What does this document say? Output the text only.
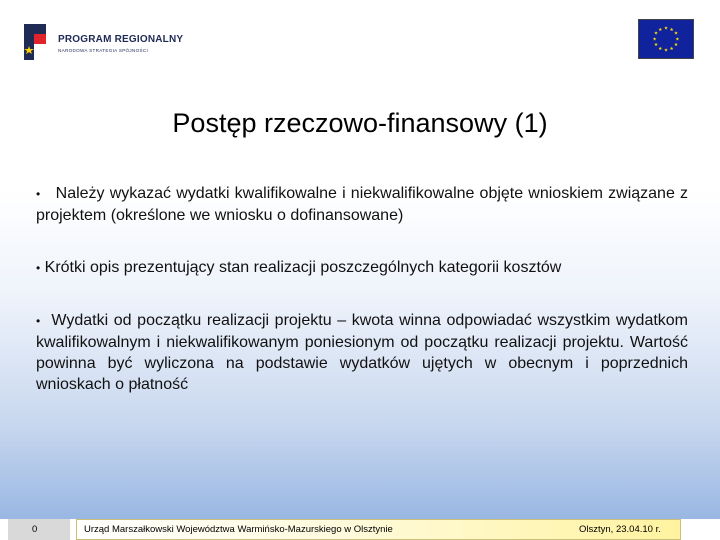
PROGRAM REGIONALNY
NARODOWA STRATEGIA SPÓJNOŚCI
★ ★
★
★
★
★
★
★
★
★
★
★
Postęp rzeczowo-finansowy (1)
• Należy wykazać wydatki kwalifikowalne i niekwalifikowalne objęte wnioskiem związane z projektem (określone we wniosku o dofinansowane)
• Krótki opis prezentujący stan realizacji poszczególnych kategorii kosztów
• Wydatki od początku realizacji projektu – kwota winna odpowiadać wszystkim wydatkom kwalifikowalnym i niekwalifikowanym poniesionym od początku realizacji projektu. Wartość powinna być wyliczona na podstawie wydatków ujętych w obecnym i poprzednich wnioskach o płatność
0	Urząd Marszałkowski Województwa Warmińsko-Mazurskiego w Olsztynie	Olsztyn, 23.04.10 r.
